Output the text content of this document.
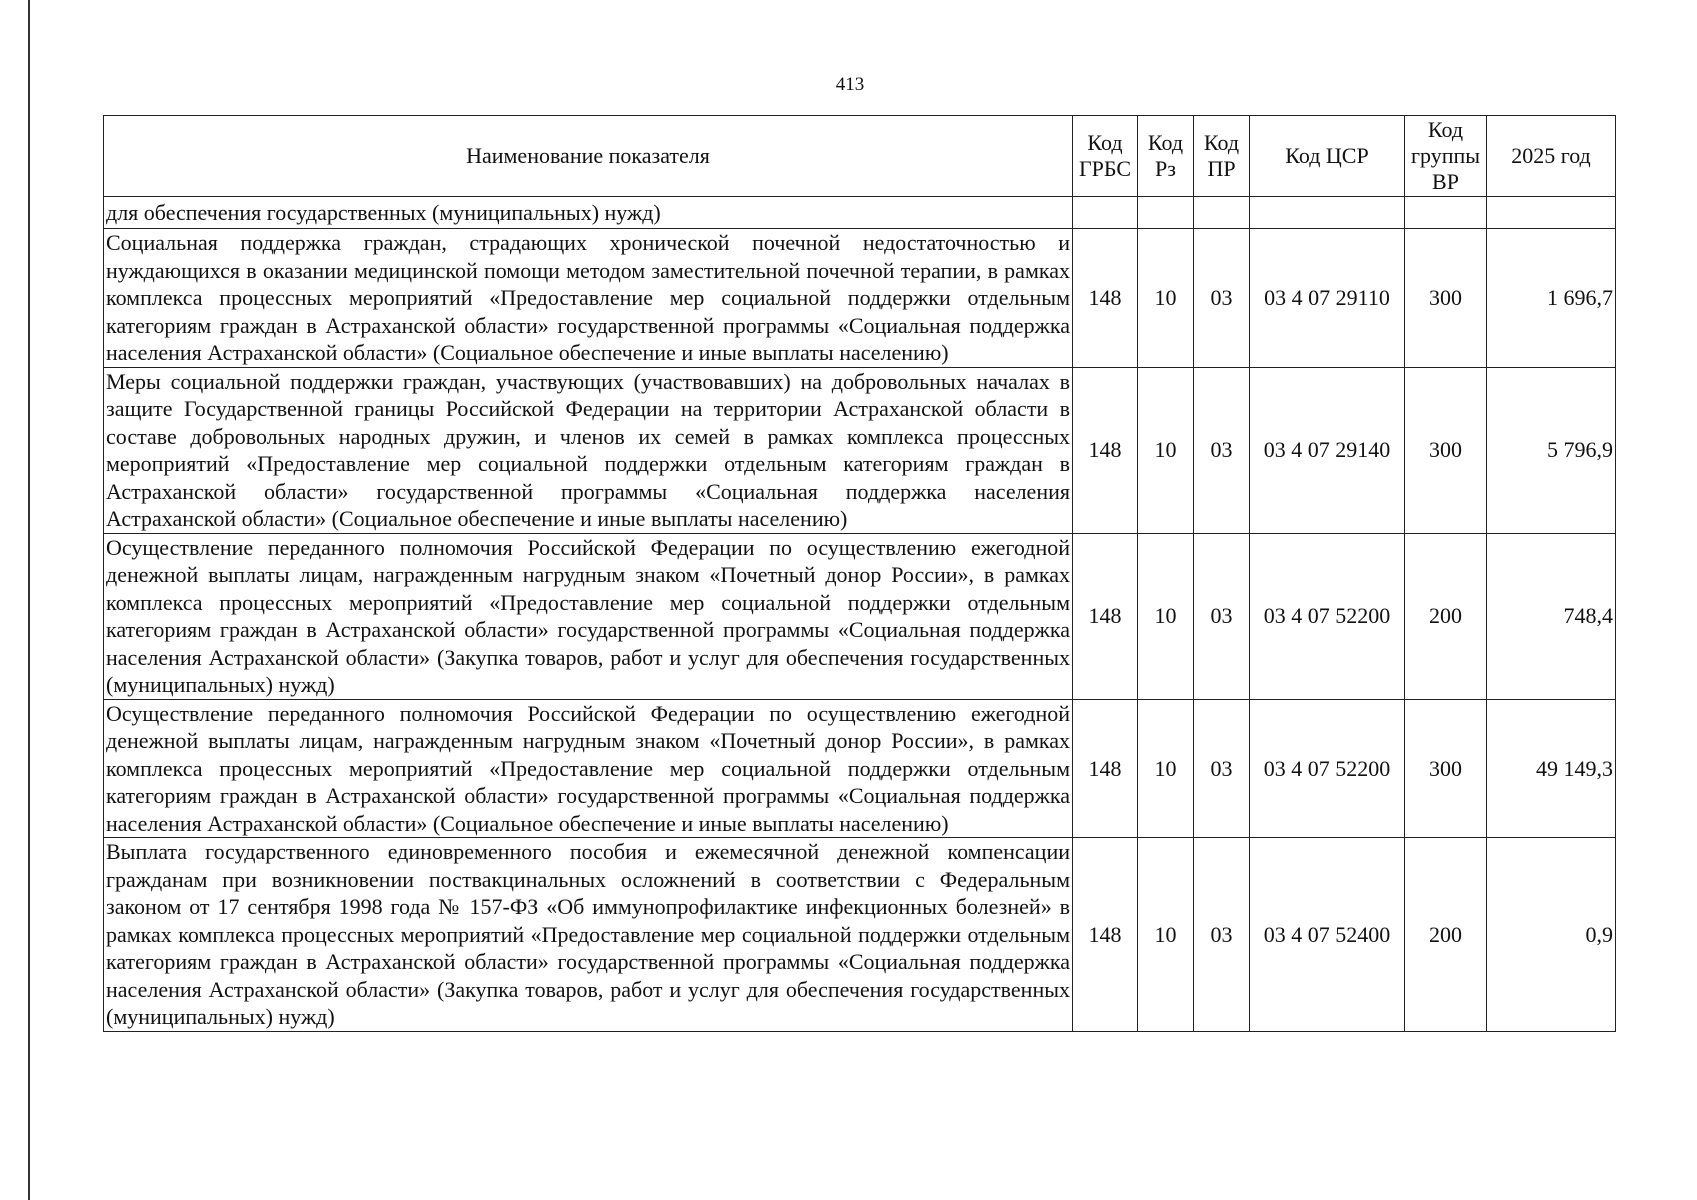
413
Наименование показателя	Код ГРБС	Код Рз	Код ПР	Код ЦСР	Код группы ВР	2025 год
для обеспечения государственных (муниципальных) нужд)						
Социальная поддержка граждан, страдающих хронической почечной недостаточностью и нуждающихся в оказании медицинской помощи методом заместительной почечной терапии, в рамках комплекса процессных мероприятий «Предоставление мер социальной поддержки отдельным категориям граждан в Астраханской области» государственной программы «Социальная поддержка населения Астраханской области» (Социальное обеспечение и иные выплаты населению)	148	10	03	03 4 07 29110	300	1 696,7
Меры социальной поддержки граждан, участвующих (участвовавших) на добровольных началах в защите Государственной границы Российской Федерации на территории Астраханской области в составе добровольных народных дружин, и членов их семей в рамках комплекса процессных мероприятий «Предоставление мер социальной поддержки отдельным категориям граждан в Астраханской области» государственной программы «Социальная поддержка населения Астраханской области» (Социальное обеспечение и иные выплаты населению)	148	10	03	03 4 07 29140	300	5 796,9
Осуществление переданного полномочия Российской Федерации по осуществлению ежегодной денежной выплаты лицам, награжденным нагрудным знаком «Почетный донор России», в рамках комплекса процессных мероприятий «Предоставление мер социальной поддержки отдельным категориям граждан в Астраханской области» государственной программы «Социальная поддержка населения Астраханской области» (Закупка товаров, работ и услуг для обеспечения государственных (муниципальных) нужд)	148	10	03	03 4 07 52200	200	748,4
Осуществление переданного полномочия Российской Федерации по осуществлению ежегодной денежной выплаты лицам, награжденным нагрудным знаком «Почетный донор России», в рамках комплекса процессных мероприятий «Предоставление мер социальной поддержки отдельным категориям граждан в Астраханской области» государственной программы «Социальная поддержка населения Астраханской области» (Социальное обеспечение и иные выплаты населению)	148	10	03	03 4 07 52200	300	49 149,3
Выплата государственного единовременного пособия и ежемесячной денежной компенсации гражданам при возникновении поствакцинальных осложнений в соответствии с Федеральным законом от 17 сентября 1998 года № 157-ФЗ «Об иммунопрофилактике инфекционных болезней» в рамках комплекса процессных мероприятий «Предоставление мер социальной поддержки отдельным категориям граждан в Астраханской области» государственной программы «Социальная поддержка населения Астраханской области» (Закупка товаров, работ и услуг для обеспечения государственных (муниципальных) нужд)	148	10	03	03 4 07 52400	200	0,9
